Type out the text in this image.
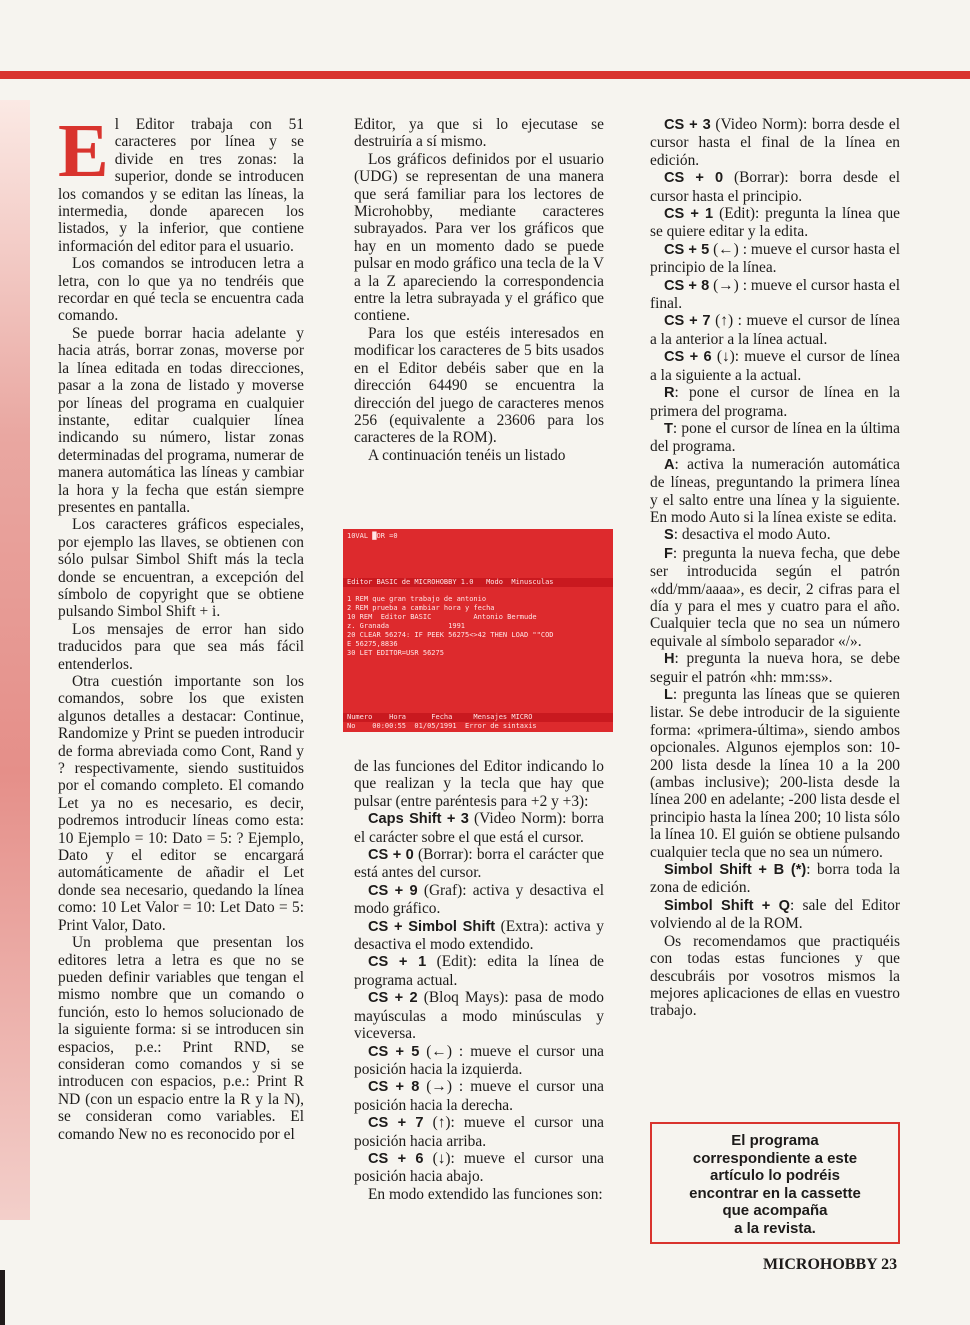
E l Editor trabaja con 51 caracteres por línea y se divide en tres zonas: la superior, donde se introducen los comandos y se editan las líneas, la intermedia, donde aparecen los listados, y la inferior, que contiene información del editor para el usuario.

Los comandos se introducen letra a letra, con lo que ya no tendréis que recordar en qué tecla se encuentra cada comando.

Se puede borrar hacia adelante y hacia atrás, borrar zonas, moverse por la línea editada en todas direcciones, pasar a la zona de listado y moverse por líneas del programa en cualquier instante, editar cualquier línea indicando su número, listar zonas determinadas del programa, numerar de manera automática las líneas y cambiar la hora y la fecha que están siempre presentes en pantalla.

Los caracteres gráficos especiales, por ejemplo las llaves, se obtienen con sólo pulsar Simbol Shift más la tecla donde se encuentran, a excepción del símbolo de copyright que se obtiene pulsando Simbol Shift + i.

Los mensajes de error han sido traducidos para que sea más fácil entenderlos.

Otra cuestión importante son los comandos, sobre los que existen algunos detalles a destacar: Continue, Randomize y Print se pueden introducir de forma abreviada como Cont, Rand y ? respectivamente, siendo sustituidos por el comando completo. El comando Let ya no es necesario, es decir, podremos introducir líneas como esta: 10 Ejemplo = 10: Dato = 5: ? Ejemplo, Dato y el editor se encargará automáticamente de añadir el Let donde sea necesario, quedando la línea como: 10 Let Valor = 10: Let Dato = 5: Print Valor, Dato.

Un problema que presentan los editores letra a letra es que no se pueden definir variables que tengan el mismo nombre que un comando o función, esto lo hemos solucionado de la siguiente forma: si se introducen sin espacios, p.e.: Print RND, se consideran como comandos y si se introducen con espacios, p.e.: Print R ND (con un espacio entre la R y la N), se consideran como variables. El comando New no es reconocido por el

Editor, ya que si lo ejecutase se destruiría a sí mismo.

Los gráficos definidos por el usuario (UDG) se representan de una manera que será familiar para los lectores de Microhobby, mediante caracteres subrayados. Para ver los gráficos que hay en un momento dado se puede pulsar en modo gráfico una tecla de la V a la Z apareciendo la correspondencia entre la letra subrayada y el gráfico que contiene.

Para los que estéis interesados en modificar los caracteres de 5 bits usados en el Editor debéis saber que en la dirección 64490 se encuentra la dirección del juego de caracteres menos 256 (equivalente a 23606 para los caracteres de la ROM).

A continuación tenéis un listado

10VAL █OR =0
Editor BASIC de MICROHOBBY 1.0   Modo  Minusculas
1 REM que gran trabajo de antonio
2 REM prueba a cambiar hora y fecha
10 REM  Editor BASIC          Antonio Bermude
z. Granada              1991
20 CLEAR 56274: IF PEEK 56275<>42 THEN LOAD ""COD
E 56275,8836
30 LET EDITOR=USR 56275
Numero    Hora      Fecha     Mensajes MICRO
No    00:00:55  01/05/1991  Error de sintaxis

de las funciones del Editor indicando lo que realizan y la tecla que hay que pulsar (entre paréntesis para +2 y +3):

Caps Shift + 3 (Video Norm): borra el carácter sobre el que está el cursor.

CS + 0 (Borrar): borra el carácter que está antes del cursor.

CS + 9 (Graf): activa y desactiva el modo gráfico.

CS + Simbol Shift (Extra): activa y desactiva el modo extendido.

CS + 1 (Edit): edita la línea de programa actual.

CS + 2 (Bloq Mays): pasa de modo mayúsculas a modo minúsculas y viceversa.

CS + 5 (←) : mueve el cursor una posición hacia la izquierda.

CS + 8 (→) : mueve el cursor una posición hacia la derecha.

CS + 7 (↑): mueve el cursor una posición hacia arriba.

CS + 6 (↓): mueve el cursor una posición hacia abajo.

En modo extendido las funciones son:

CS + 3 (Video Norm): borra desde el cursor hasta el final de la línea en edición.

CS + 0 (Borrar): borra desde el cursor hasta el principio.

CS + 1 (Edit): pregunta la línea que se quiere editar y la edita.

CS + 5 (←) : mueve el cursor hasta el principio de la línea.

CS + 8 (→) : mueve el cursor hasta el final.

CS + 7 (↑) : mueve el cursor de línea a la anterior a la línea actual.

CS + 6 (↓): mueve el cursor de línea a la siguiente a la actual.

R: pone el cursor de línea en la primera del programa.

T: pone el cursor de línea en la última del programa.

A: activa la numeración automática de líneas, preguntando la primera línea y el salto entre una línea y la siguiente. En modo Auto si la línea existe se edita.

S: desactiva el modo Auto.

F: pregunta la nueva fecha, que debe ser introducida según el patrón «dd/mm/aaaa», es decir, 2 cifras para el día y para el mes y cuatro para el año. Cualquier tecla que no sea un número equivale al símbolo separador «/».

H: pregunta la nueva hora, se debe seguir el patrón «hh: mm:ss».

L: pregunta las líneas que se quieren listar. Se debe introducir de la siguiente forma: «primera-última», siendo ambos opcionales. Algunos ejemplos son: 10-200 lista desde la línea 10 a la 200 (ambas inclusive); 200-lista desde la línea 200 en adelante; -200 lista desde el principio hasta la línea 200; 10 lista sólo la línea 10. El guión se obtiene pulsando cualquier tecla que no sea un número.

Simbol Shift + B (*): borra toda la zona de edición.

Simbol Shift + Q: sale del Editor volviendo al de la ROM.

Os recomendamos que practiquéis con todas estas funciones y que descubráis por vosotros mismos la mejores aplicaciones de ellas en vuestro trabajo.

El programa
correspondiente a este
artículo lo podréis
encontrar en la cassette
que acompaña
a la revista.
MICROHOBBY 23
